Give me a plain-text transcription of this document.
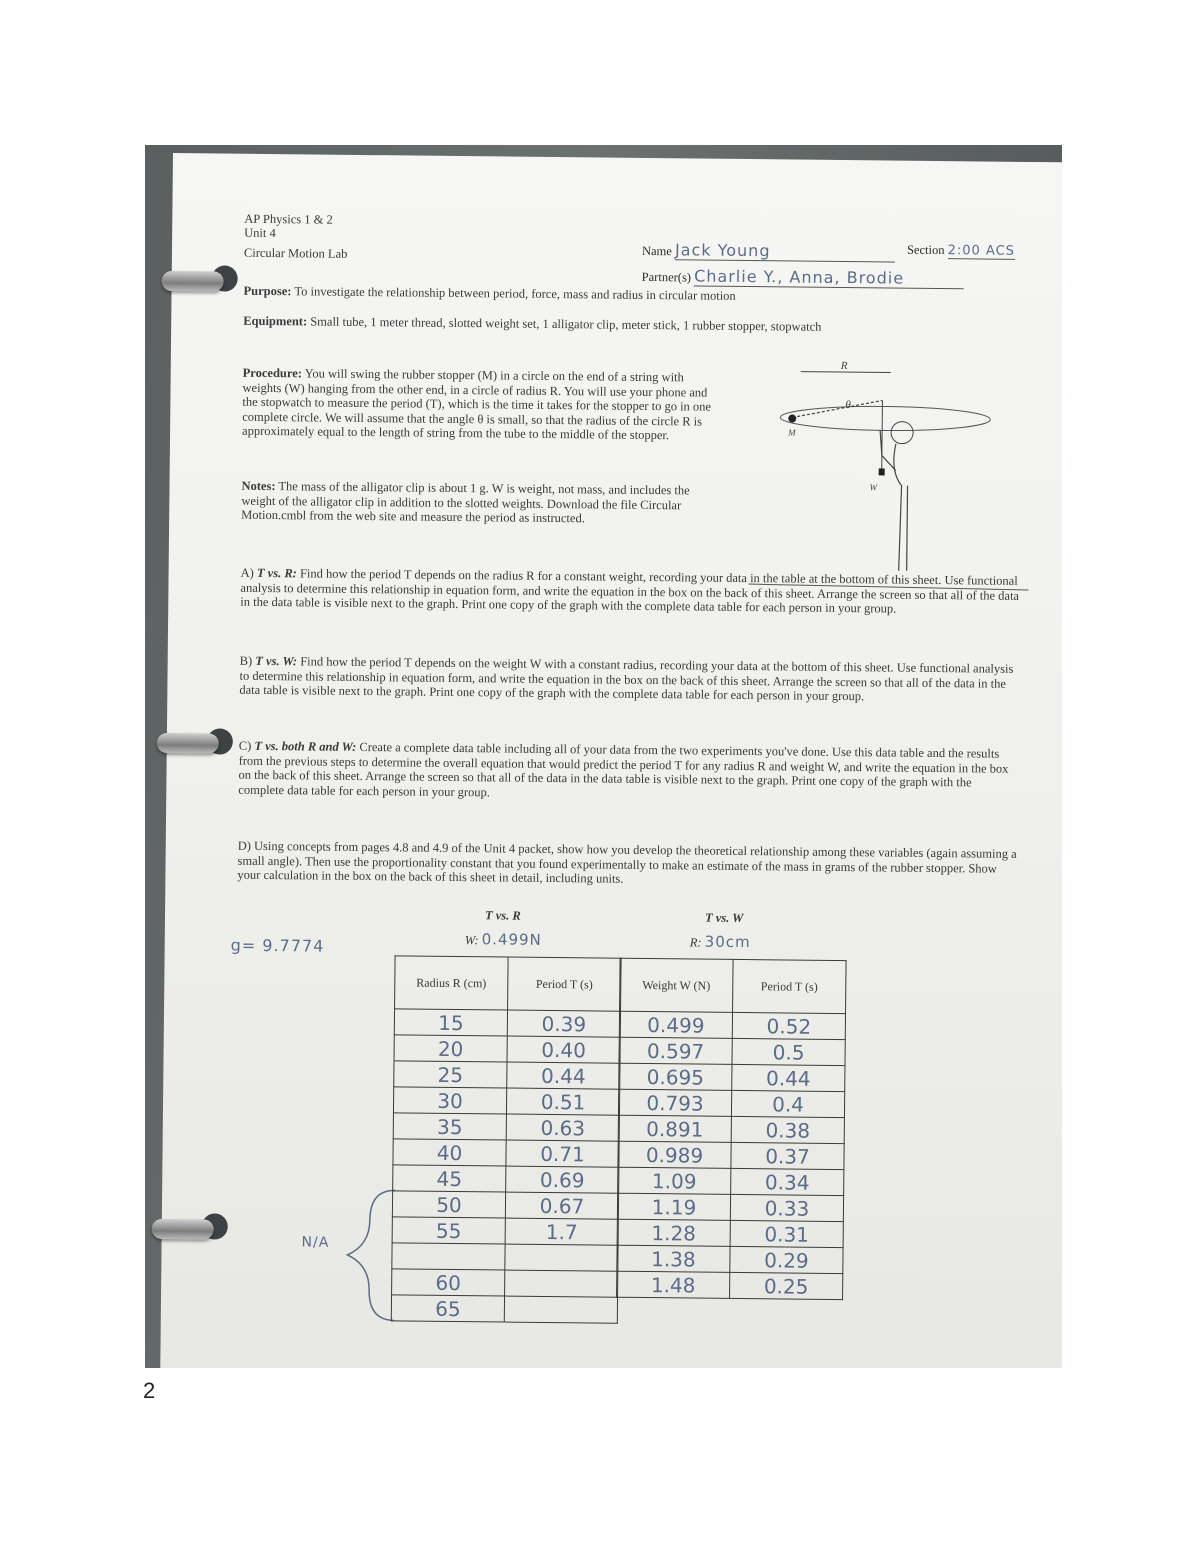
AP Physics 1 & 2
Unit 4
Circular Motion Lab	Name Jack Young	Section 2:00 ACS
Partner(s) Charlie Y., Anna, Brodie
Purpose: To investigate the relationship between period, force, mass and radius in circular motion
Equipment: Small tube, 1 meter thread, slotted weight set, 1 alligator clip, meter stick, 1 rubber stopper, stopwatch
Procedure: You will swing the rubber stopper (M) in a circle on the end of a string with weights (W) hanging from the other end, in a circle of radius R. You will use your phone and the stopwatch to measure the period (T), which is the time it takes for the stopper to go in one complete circle. We will assume that the angle θ is small, so that the radius of the circle R is approximately equal to the length of string from the tube to the middle of the stopper.
Notes: The mass of the alligator clip is about 1 g. W is weight, not mass, and includes the weight of the alligator clip in addition to the slotted weights. Download the file Circular Motion.cmbl from the web site and measure the period as instructed.
R
θ
M
W
A) T vs. R: Find how the period T depends on the radius R for a constant weight, recording your data in the table at the bottom of this sheet. Use functional analysis to determine this relationship in equation form, and write the equation in the box on the back of this sheet. Arrange the screen so that all of the data in the data table is visible next to the graph. Print one copy of the graph with the complete data table for each person in your group.
B) T vs. W: Find how the period T depends on the weight W with a constant radius, recording your data at the bottom of this sheet. Use functional analysis to determine this relationship in equation form, and write the equation in the box on the back of this sheet. Arrange the screen so that all of the data in the data table is visible next to the graph. Print one copy of the graph with the complete data table for each person in your group.
C) T vs. both R and W: Create a complete data table including all of your data from the two experiments you've done. Use this data table and the results from the previous steps to determine the overall equation that would predict the period T for any radius R and weight W, and write the equation in the box on the back of this sheet. Arrange the screen so that all of the data in the data table is visible next to the graph. Print one copy of the graph with the complete data table for each person in your group.
D) Using concepts from pages 4.8 and 4.9 of the Unit 4 packet, show how you develop the theoretical relationship among these variables (again assuming a small angle). Then use the proportionality constant that you found experimentally to make an estimate of the mass in grams of the rubber stopper. Show your calculation in the box on the back of this sheet in detail, including units.
g= 9.7774
N/A
T vs. R
W: 0.499N
Radius R (cm)	Period T (s)
15	0.39
20	0.40
25	0.44
30	0.51
35	0.63
40	0.71
45	0.69
50	0.67
55	1.7

60	
65	
T vs. W
R: 30cm
Weight W (N)	Period T (s)
0.499	0.52
0.597	0.5
0.695	0.44
0.793	0.4
0.891	0.38
0.989	0.37
1.09	0.34
1.19	0.33
1.28	0.31
1.38	0.29
1.48	0.25
2
